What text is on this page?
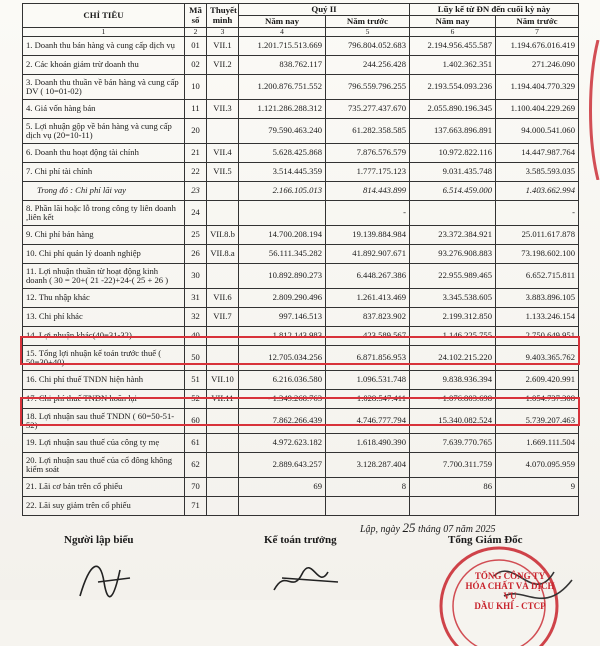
CHỈ TIÊU	Mã số	Thuyết minh	Quý II		Lũy kế từ ĐN đến cuối kỳ này	
			Năm nay	Năm trước	Năm nay	Năm trước
1	2	3	4	5	6	7
1. Doanh thu bán hàng và cung cấp dịch vụ	01	VII.1	1.201.715.513.669	796.804.052.683	2.194.956.455.587	1.194.676.016.419
2. Các khoản giảm trừ doanh thu	02	VII.2	838.762.117	244.256.428	1.402.362.351	271.246.090
3. Doanh thu thuần về bán hàng và cung cấp DV ( 10=01-02)	10		1.200.876.751.552	796.559.796.255	2.193.554.093.236	1.194.404.770.329
4. Giá vốn hàng bán	11	VII.3	1.121.286.288.312	735.277.437.670	2.055.890.196.345	1.100.404.229.269
5. Lợi nhuận gộp về bán hàng và cung cấp dịch vụ (20=10-11)	20		79.590.463.240	61.282.358.585	137.663.896.891	94.000.541.060
6. Doanh thu hoạt động tài chính	21	VII.4	5.628.425.868	7.876.576.579	10.972.822.116	14.447.987.764
7. Chi phí tài chính	22	VII.5	3.514.445.359	1.777.175.123	9.031.435.748	3.585.593.035
Trong đó : Chi phí lãi vay	23		2.166.105.013	814.443.899	6.514.459.000	1.403.662.994
8. Phần lãi hoặc lỗ trong công ty liên doanh ,liên kết	24			-		-
9. Chi phí bán hàng	25	VII.8.b	14.700.208.194	19.139.884.984	23.372.384.921	25.011.617.878
10. Chi phí quản lý doanh nghiệp	26	VII.8.a	56.111.345.282	41.892.907.671	93.276.908.883	73.198.602.100
11. Lợi nhuận thuần từ hoạt động kinh doanh ( 30 = 20+( 21 -22)+24-( 25 + 26 )	30		10.892.890.273	6.448.267.386	22.955.989.465	6.652.715.811
12. Thu nhập khác	31	VII.6	2.809.290.496	1.261.413.469	3.345.538.605	3.883.896.105
13. Chi phí khác	32	VII.7	997.146.513	837.823.902	2.199.312.850	1.133.246.154
14. Lợi nhuận khác(40=31-32)	40		1.812.143.983	423.589.567	1.146.225.755	2.750.649.951
15. Tổng lợi nhuận kế toán trước thuế ( 50=30+40)	50		12.705.034.256	6.871.856.953	24.102.215.220	9.403.365.762
16. Chi phí thuế TNDN hiện hành	51	VII.10	6.216.036.580	1.096.531.748	9.838.936.394	2.609.420.991
17. Chi phí thuế TNDN hoãn lại	52	VII.11	- 1.349.268.763	1.028.547.411	- 1.076.803.698	1.054.737.308
18. Lợi nhuận sau thuế TNDN ( 60=50-51-52)	60		7.862.266.439	4.746.777.794	15.340.082.524	5.739.207.463
19. Lợi nhuận sau thuế của công ty mẹ	61		4.972.623.182	1.618.490.390	7.639.770.765	1.669.111.504
20. Lợi nhuận sau thuế của cổ đông không kiểm soát	62		2.889.643.257	3.128.287.404	7.700.311.759	4.070.095.959
21. Lãi cơ bản trên cổ phiếu	70		69	8	86	9
22. Lãi suy giảm trên cổ phiếu	71					
Lập, ngày 25 tháng 07 năm 2025
Người lập biểu	Kế toán trưởng	Tổng Giám Đốc
TỔNG CÔNG TY
HÓA CHẤT VÀ DỊCH VỤ
DẦU KHÍ - CTCP
